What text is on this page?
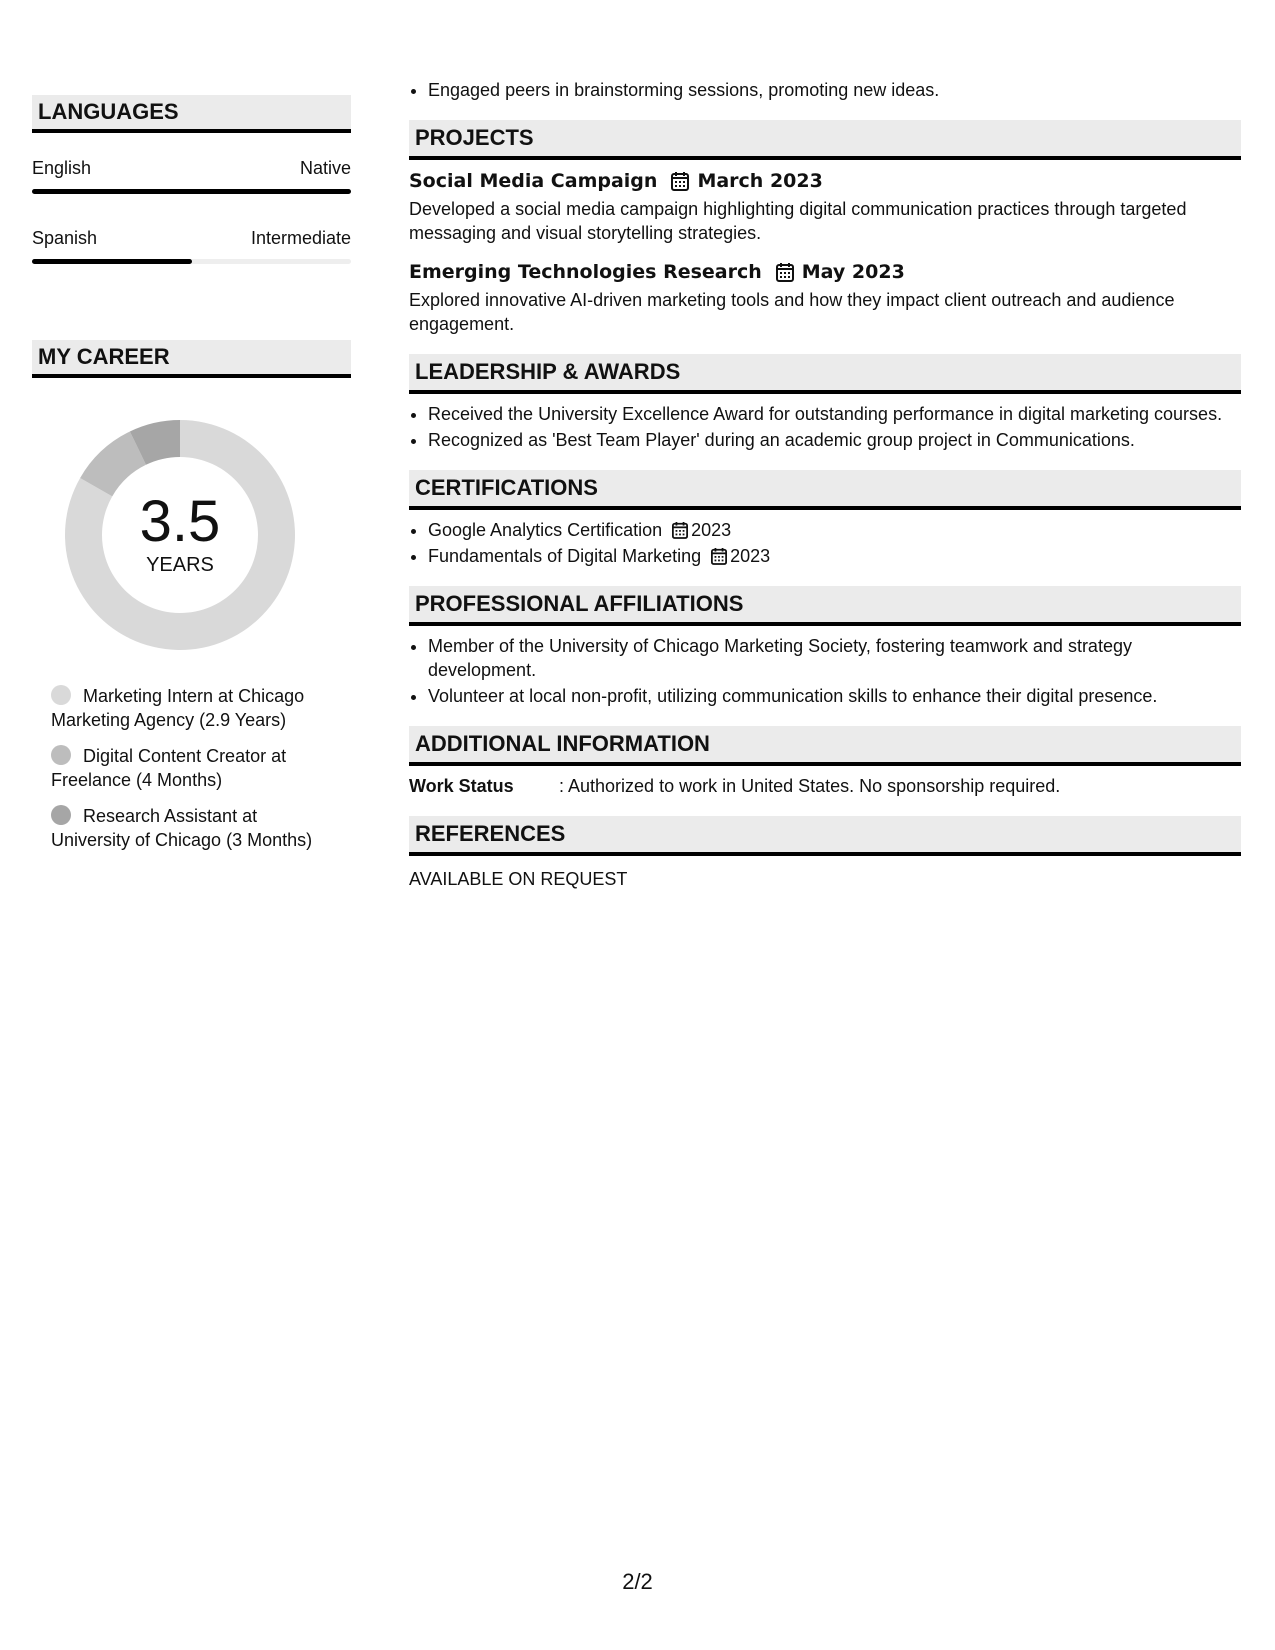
LANGUAGES
English	Native
Spanish	Intermediate
MY CAREER
3.5
YEARS
Marketing Intern at Chicago Marketing Agency (2.9 Years)
Digital Content Creator at Freelance (4 Months)
Research Assistant at University of Chicago (3 Months)
• Engaged peers in brainstorming sessions, promoting new ideas.
PROJECTS
Social Media Campaign March 2023
Developed a social media campaign highlighting digital communication practices through targeted messaging and visual storytelling strategies.
Emerging Technologies Research May 2023
Explored innovative AI-driven marketing tools and how they impact client outreach and audience engagement.
LEADERSHIP & AWARDS
• Received the University Excellence Award for outstanding performance in digital marketing courses.
• Recognized as 'Best Team Player' during an academic group project in Communications.
CERTIFICATIONS
• Google Analytics Certification 2023
• Fundamentals of Digital Marketing 2023
PROFESSIONAL AFFILIATIONS
• Member of the University of Chicago Marketing Society, fostering teamwork and strategy development.
• Volunteer at local non-profit, utilizing communication skills to enhance their digital presence.
ADDITIONAL INFORMATION
Work Status	: Authorized to work in United States. No sponsorship required.
REFERENCES
AVAILABLE ON REQUEST
2/2
